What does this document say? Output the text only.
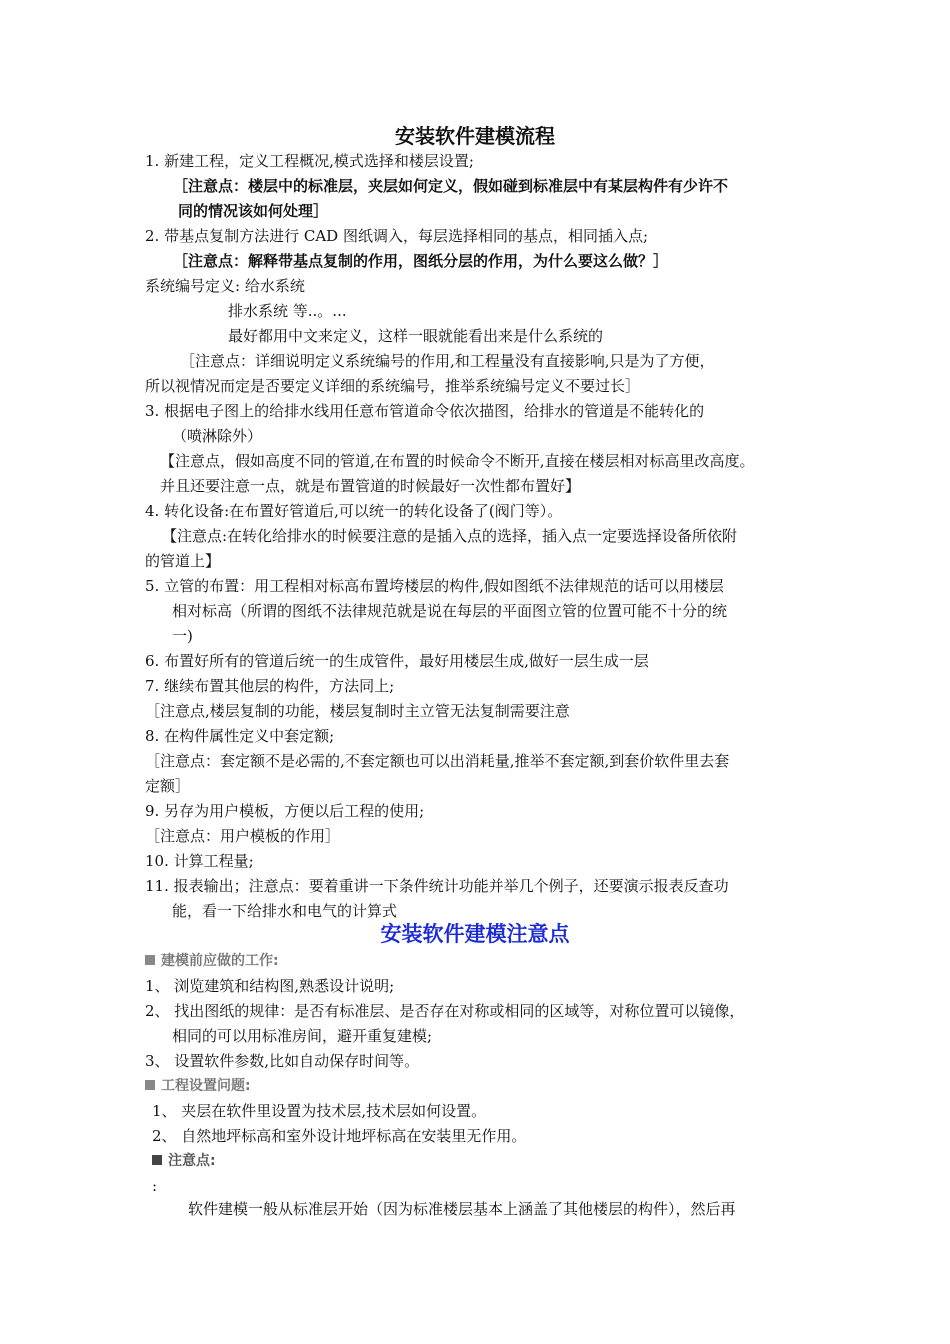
安装软件建模流程
1. 新建工程，定义工程概况,模式选择和楼层设置;
［注意点：楼层中的标准层，夹层如何定义，假如碰到标准层中有某层构件有少许不
同的情况该如何处理］
2. 带基点复制方法进行 CAD 图纸调入，每层选择相同的基点，相同插入点;
［注意点：解释带基点复制的作用，图纸分层的作用，为什么要这么做？］
系统编号定义: 给水系统
排水系统 等..。...
最好都用中文来定义，这样一眼就能看出来是什么系统的
［注意点：详细说明定义系统编号的作用,和工程量没有直接影响,只是为了方便，
所以视情况而定是否要定义详细的系统编号，推举系统编号定义不要过长］
3. 根据电子图上的给排水线用任意布管道命令依次描图，给排水的管道是不能转化的
（喷淋除外）
【注意点，假如高度不同的管道,在布置的时候命令不断开,直接在楼层相对标高里改高度。
并且还要注意一点，就是布置管道的时候最好一次性都布置好】
4. 转化设备:在布置好管道后,可以统一的转化设备了(阀门等）。
【注意点:在转化给排水的时候要注意的是插入点的选择，插入点一定要选择设备所依附
的管道上】
5. 立管的布置：用工程相对标高布置垮楼层的构件,假如图纸不法律规范的话可以用楼层
相对标高（所谓的图纸不法律规范就是说在每层的平面图立管的位置可能不十分的统
一)
6. 布置好所有的管道后统一的生成管件，最好用楼层生成,做好一层生成一层
7. 继续布置其他层的构件，方法同上;
［注意点,楼层复制的功能，楼层复制时主立管无法复制需要注意
8. 在构件属性定义中套定额;
［注意点：套定额不是必需的,不套定额也可以出消耗量,推举不套定额,到套价软件里去套
定额］
9. 另存为用户模板，方便以后工程的使用;
［注意点：用户模板的作用］
10. 计算工程量;
11. 报表输出；注意点：要着重讲一下条件统计功能并举几个例子，还要演示报表反查功
能，看一下给排水和电气的计算式
安装软件建模注意点
建模前应做的工作:
1、 浏览建筑和结构图,熟悉设计说明;
2、 找出图纸的规律：是否有标准层、是否存在对称或相同的区域等，对称位置可以镜像，
相同的可以用标准房间，避开重复建模;
3、 设置软件参数,比如自动保存时间等。
工程设置问题:
1、 夹层在软件里设置为技术层,技术层如何设置。
2、 自然地坪标高和室外设计地坪标高在安装里无作用。
注意点:
:
软件建模一般从标准层开始（因为标准楼层基本上涵盖了其他楼层的构件），然后再
